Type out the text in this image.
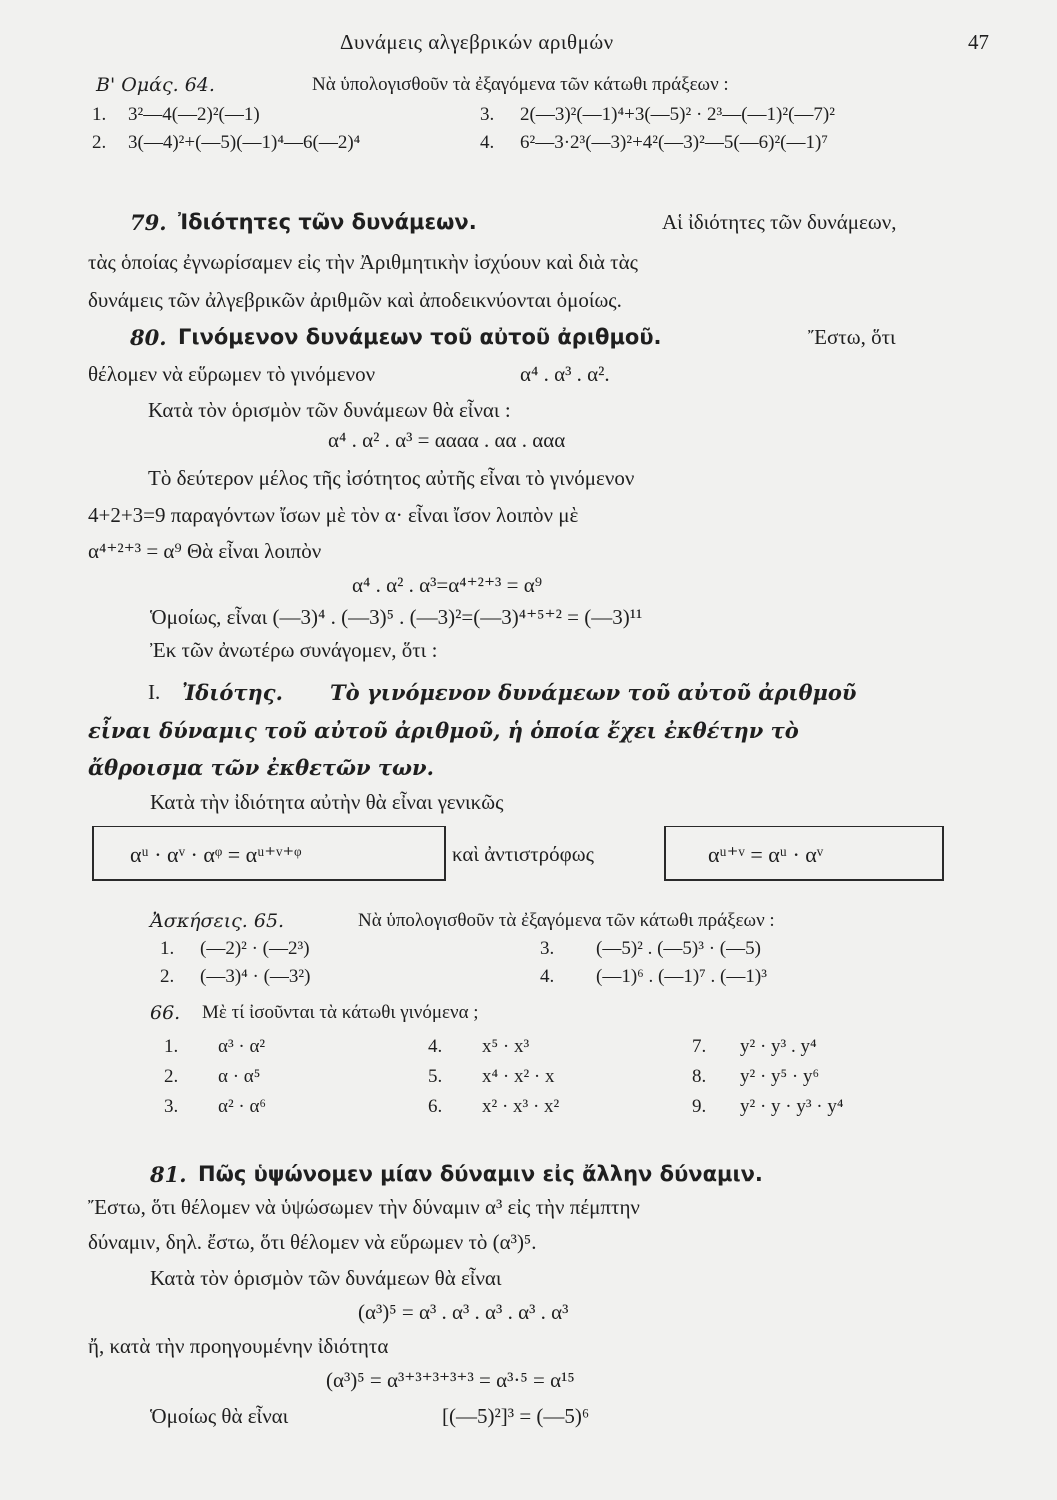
Δυνάμεις αλγεβρικών αριθμών	47
Β' Ομάς. 64.	Νὰ ὑπολογισθοῦν τὰ ἐξαγόμενα τῶν κάτωθι πράξεων :
1. 3²—4(—2)²(—1)	3. 2(—3)²(—1)⁴+3(—5)² · 2³—(—1)²(—7)²
2. 3(—4)²+(—5)(—1)⁴—6(—2)⁴	4. 6²—3·2³(—3)²+4²(—3)²—5(—6)²(—1)⁷
79. Ἰδιότητες τῶν δυνάμεων.	Αἱ ἰδιότητες τῶν δυνάμεων,
τὰς ὁποίας ἐγνωρίσαμεν εἰς τὴν Ἀριθμητικὴν ἰσχύουν καὶ διὰ τὰς
δυνάμεις τῶν ἀλγεβρικῶν ἀριθμῶν καὶ ἀποδεικνύονται ὁμοίως.
80. Γινόμενον δυνάμεων τοῦ αὐτοῦ ἀριθμοῦ.	Ἔστω, ὅτι
θέλομεν νὰ εὕρωμεν τὸ γινόμενον	α⁴ . α³ . α².
Κατὰ τὸν ὁρισμὸν τῶν δυνάμεων θὰ εἶναι :
α⁴ . α² . α³ = αααα . αα . ααα
Τὸ δεύτερον μέλος τῆς ἰσότητος αὐτῆς εἶναι τὸ γινόμενον
4+2+3=9 παραγόντων ἴσων μὲ τὸν α· εἶναι ἴσον λοιπὸν μὲ
α⁴⁺²⁺³ = α⁹ Θὰ εἶναι λοιπὸν
α⁴ . α² . α³=α⁴⁺²⁺³ = α⁹
Ὁμοίως, εἶναι (—3)⁴ . (—3)⁵ . (—3)²=(—3)⁴⁺⁵⁺² = (—3)¹¹
Ἐκ τῶν ἀνωτέρω συνάγομεν, ὅτι :
Ι. Ἰδιότης. Τὸ γινόμενον δυνάμεων τοῦ αὐτοῦ ἀριθμοῦ
εἶναι δύναμις τοῦ αὐτοῦ ἀριθμοῦ, ἡ ὁποία ἔχει ἐκθέτην τὸ
ἄθροισμα τῶν ἐκθετῶν των.
Κατὰ τὴν ἰδιότητα αὐτὴν θὰ εἶναι γενικῶς
αᵘ · αᵛ · αᵠ = αᵘ⁺ᵛ⁺ᵠ	καὶ ἀντιστρόφως	αᵘ⁺ᵛ = αᵘ · αᵛ
Ἀσκήσεις. 65.	Νὰ ὑπολογισθοῦν τὰ ἐξαγόμενα τῶν κάτωθι πράξεων :
1. (—2)² · (—2³)	3. (—5)² . (—5)³ · (—5)
2. (—3)⁴ · (—3²)	4. (—1)⁶ . (—1)⁷ . (—1)³
66. Μὲ τί ἰσοῦνται τὰ κάτωθι γινόμενα ;
1. α³ · α²	4. x⁵ · x³	7. y² · y³ . y⁴
2. α · α⁵	5. x⁴ · x² · x	8. y² · y⁵ · y⁶
3. α² · α⁶	6. x² · x³ · x²	9. y² · y · y³ · y⁴
81. Πῶς ὑψώνομεν μίαν δύναμιν εἰς ἄλλην δύναμιν.
Ἔστω, ὅτι θέλομεν νὰ ὑψώσωμεν τὴν δύναμιν α³ εἰς τὴν πέμπτην
δύναμιν, δηλ. ἔστω, ὅτι θέλομεν νὰ εὕρωμεν τὸ (α³)⁵.
Κατὰ τὸν ὁρισμὸν τῶν δυνάμεων θὰ εἶναι
(α³)⁵ = α³ . α³ . α³ . α³ . α³
ἤ, κατὰ τὴν προηγουμένην ἰδιότητα
(α³)⁵ = α³⁺³⁺³⁺³⁺³ = α³·⁵ = α¹⁵
Ὁμοίως θὰ εἶναι	[(—5)²]³ = (—5)⁶
